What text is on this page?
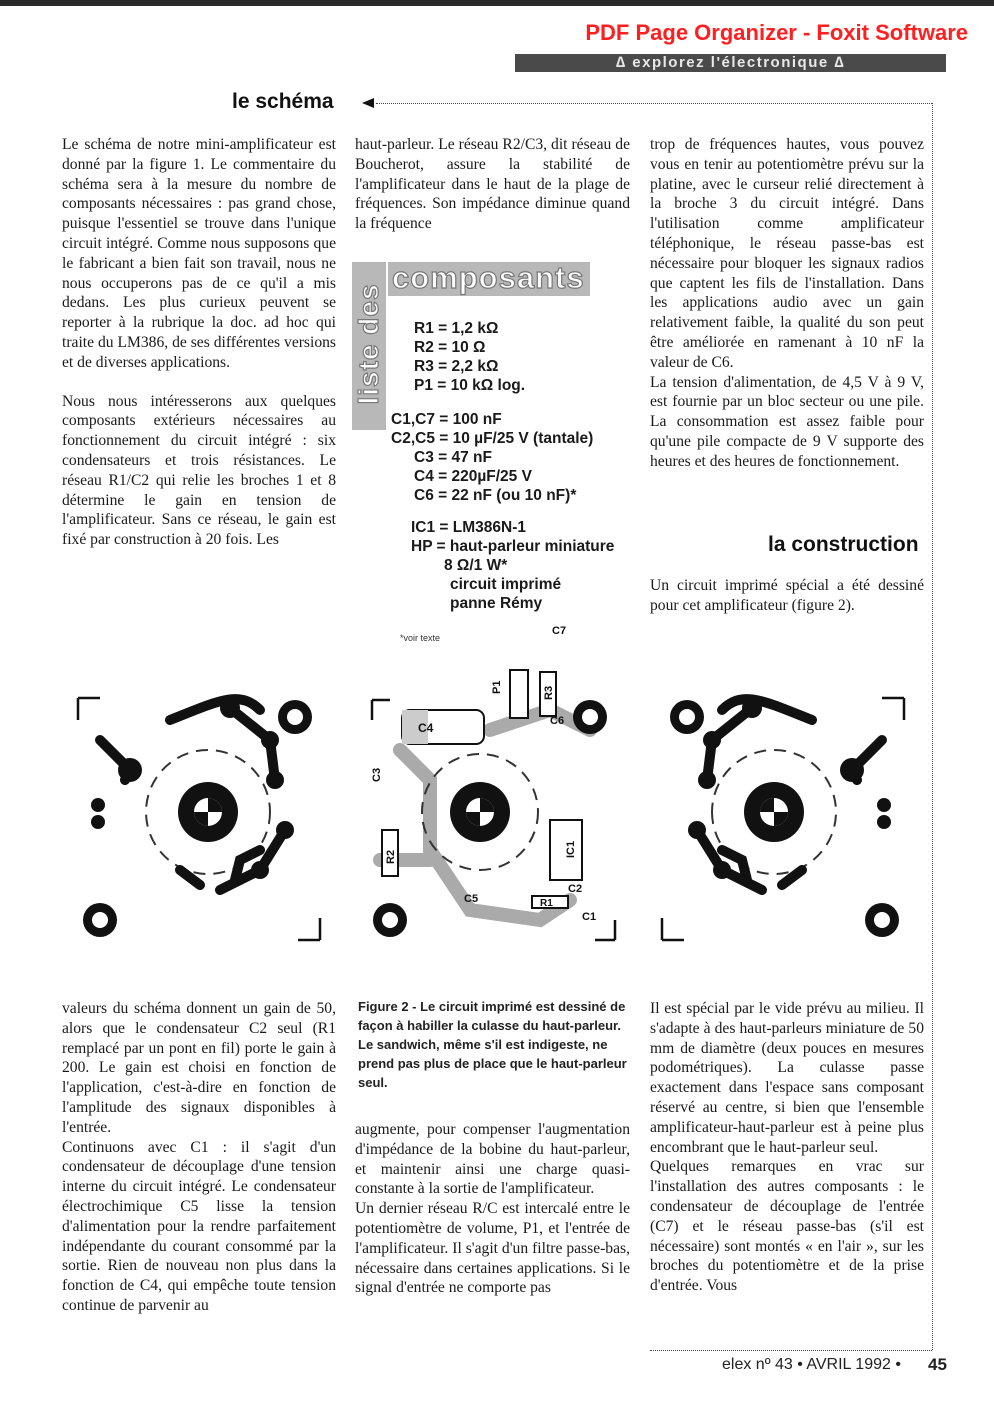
PDF Page Organizer - Foxit Software
∆ explorez l'électronique ∆
le schéma

Le schéma de notre mini-amplificateur est donné par la figure 1. Le commentaire du schéma sera à la mesure du nombre de composants nécessaires : pas grand chose, puisque l'essentiel se trouve dans l'unique circuit intégré. Comme nous supposons que le fabricant a bien fait son travail, nous ne nous occuperons pas de ce qu'il a mis dedans. Les plus curieux peuvent se reporter à la rubrique la doc. ad hoc qui traite du LM386, de ses différentes versions et de diverses applications.

Nous nous intéresserons aux quelques composants extérieurs nécessaires au fonctionnement du circuit intégré : six condensateurs et trois résistances. Le réseau R1/C2 qui relie les broches 1 et 8 détermine le gain en tension de l'amplificateur. Sans ce réseau, le gain est fixé par construction à 20 fois. Les

haut-parleur. Le réseau R2/C3, dit réseau de Boucherot, assure la stabilité de l'amplificateur dans le haut de la plage de fréquences. Son impédance diminue quand la fréquence

trop de fréquences hautes, vous pouvez vous en tenir au potentiomètre prévu sur la platine, avec le curseur relié directement à la broche 3 du circuit intégré. Dans l'utilisation comme amplificateur téléphonique, le réseau passe-bas est nécessaire pour bloquer les signaux radios que captent les fils de l'installation. Dans les applications audio avec un gain relativement faible, la qualité du son peut être améliorée en ramenant à 10 nF la valeur de C6.

La tension d'alimentation, de 4,5 V à 9 V, est fournie par un bloc secteur ou une pile. La consommation est assez faible pour qu'une pile compacte de 9 V supporte des heures et des heures de fonctionnement.

la construction
Un circuit imprimé spécial a été dessiné pour cet amplificateur (figure 2).
composants
liste des R1 = 1,2 kΩ
R2 = 10 Ω
R3 = 2,2 kΩ
P1 = 10 kΩ log.
C1,C7 = 100 nF
C2,C5 = 10 µF/25 V (tantale)
C3 = 47 nF
C4 = 220µF/25 V
C6 = 22 nF (ou 10 nF)*
IC1 = LM386N-1
HP = haut-parleur miniature
8 Ω/1 W*
circuit imprimé
panne Rémy
*voir texte
C4
P1	R3
C7
C6
C3
R2	IC1
C5
C2
R1
C1

valeurs du schéma donnent un gain de 50, alors que le condensateur C2 seul (R1 remplacé par un pont en fil) porte le gain à 200. Le gain est choisi en fonction de l'application, c'est-à-dire en fonction de l'amplitude des signaux disponibles à l'entrée.

Continuons avec C1 : il s'agit d'un condensateur de découplage d'une tension interne du circuit intégré. Le condensateur électrochimique C5 lisse la tension d'alimentation pour la rendre parfaitement indépendante du courant consommé par la sortie. Rien de nouveau non plus dans la fonction de C4, qui empêche toute tension continue de parvenir au

Figure 2 - Le circuit imprimé est dessiné de façon à habiller la culasse du haut-parleur. Le sandwich, même s'il est indigeste, ne prend pas plus de place que le haut-parleur seul.

augmente, pour compenser l'augmentation d'impédance de la bobine du haut-parleur, et maintenir ainsi une charge quasi-constante à la sortie de l'amplificateur.

Un dernier réseau R/C est intercalé entre le potentiomètre de volume, P1, et l'entrée de l'amplificateur. Il s'agit d'un filtre passe-bas, nécessaire dans certaines applications. Si le signal d'entrée ne comporte pas

Il est spécial par le vide prévu au milieu. Il s'adapte à des haut-parleurs miniature de 50 mm de diamètre (deux pouces en mesures podométriques). La culasse passe exactement dans l'espace sans composant réservé au centre, si bien que l'ensemble amplificateur-haut-parleur est à peine plus encombrant que le haut-parleur seul.

Quelques remarques en vrac sur l'installation des autres composants : le condensateur de découplage de l'entrée (C7) et le réseau passe-bas (s'il est nécessaire) sont montés « en l'air », sur les broches du potentiomètre et de la prise d'entrée. Vous

elex nº 43 • AVRIL 1992 • 45
